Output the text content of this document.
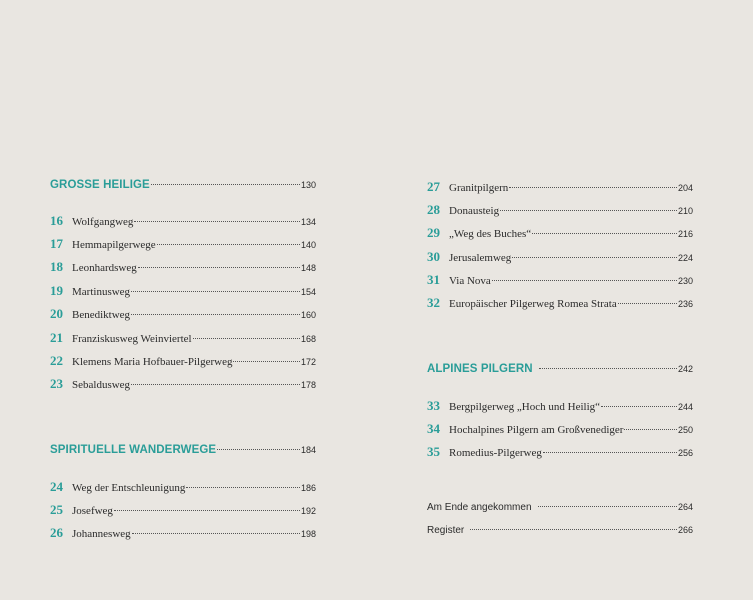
GROSSE HEILIGE	130
16 Wolfgangweg	134
17 Hemmapilgerwege	140
18 Leonhardsweg	148
19 Martinusweg	154
20 Benediktweg	160
21 Franziskusweg Weinviertel	168
22 Klemens Maria Hofbauer-Pilgerweg	172
23 Sebaldusweg	178
SPIRITUELLE WANDERWEGE	184
24 Weg der Entschleunigung	186
25 Josefweg	192
26 Johannesweg	198
27 Granitpilgern	204
28 Donausteig	210
29 „Weg des Buches“	216
30 Jerusalemweg	224
31 Via Nova	230
32 Europäischer Pilgerweg Romea Strata	236
ALPINES PILGERN	242
33 Bergpilgerweg „Hoch und Heilig“	244
34 Hochalpines Pilgern am Großvenediger	250
35 Romedius-Pilgerweg	256
Am Ende angekommen	264
Register	266
